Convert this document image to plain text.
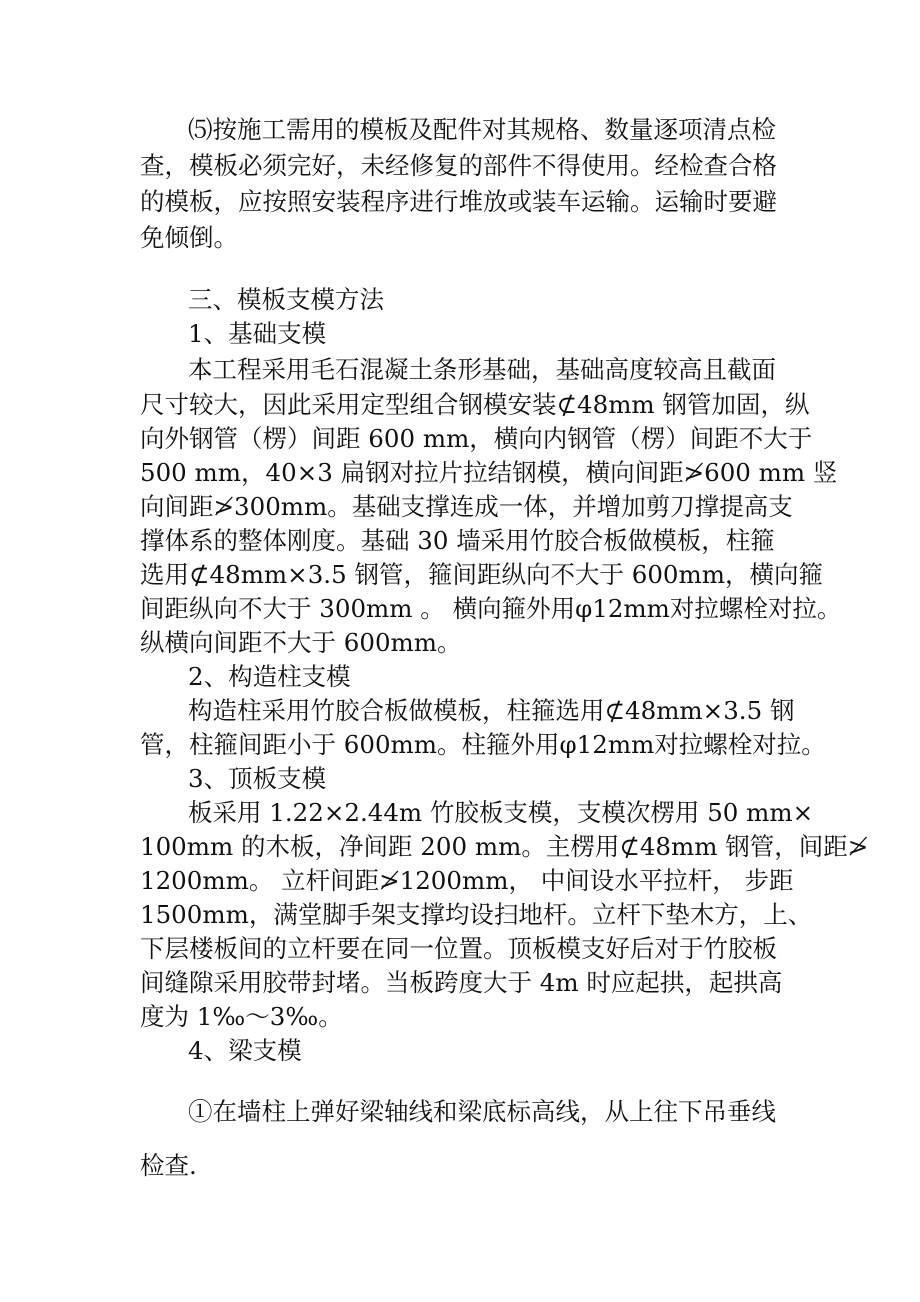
⑸按施工需用的模板及配件对其规格、数量逐项清点检
查，模板必须完好，未经修复的部件不得使用。经检查合格
的模板，应按照安装程序进行堆放或装车运输。运输时要避
免倾倒。
三、模板支模方法
1、基础支模
本工程采用毛石混凝土条形基础，基础高度较高且截面
尺寸较大，因此采用定型组合钢模安装⊄48mm 钢管加固，纵
向外钢管（楞）间距 600 mm，横向内钢管（楞）间距不大于
500 mm，40×3 扁钢对拉片拉结钢模，横向间距≯600 mm 竖
向间距≯300mm。基础支撑连成一体，并增加剪刀撑提高支
撑体系的整体刚度。基础 30 墙采用竹胶合板做模板，柱箍
选用⊄48mm×3.5 钢管，箍间距纵向不大于 600mm，横向箍
间距纵向不大于 300mm 。 横向箍外用φ12mm对拉螺栓对拉。
纵横向间距不大于 600mm。
2、构造柱支模
构造柱采用竹胶合板做模板，柱箍选用⊄48mm×3.5 钢
管，柱箍间距小于 600mm。柱箍外用φ12mm对拉螺栓对拉。
3、顶板支模
板采用 1.22×2.44m 竹胶板支模，支模次楞用 50 mm×
100mm 的木板，净间距 200 mm。主楞用⊄48mm 钢管，间距≯
1200mm。 立杆间距≯1200mm， 中间设水平拉杆， 步距
1500mm，满堂脚手架支撑均设扫地杆。立杆下垫木方，上、
下层楼板间的立杆要在同一位置。顶板模支好后对于竹胶板
间缝隙采用胶带封堵。当板跨度大于 4m 时应起拱，起拱高
度为 1‰～3‰。
4、梁支模
①在墙柱上弹好梁轴线和梁底标高线，从上往下吊垂线
检查.
